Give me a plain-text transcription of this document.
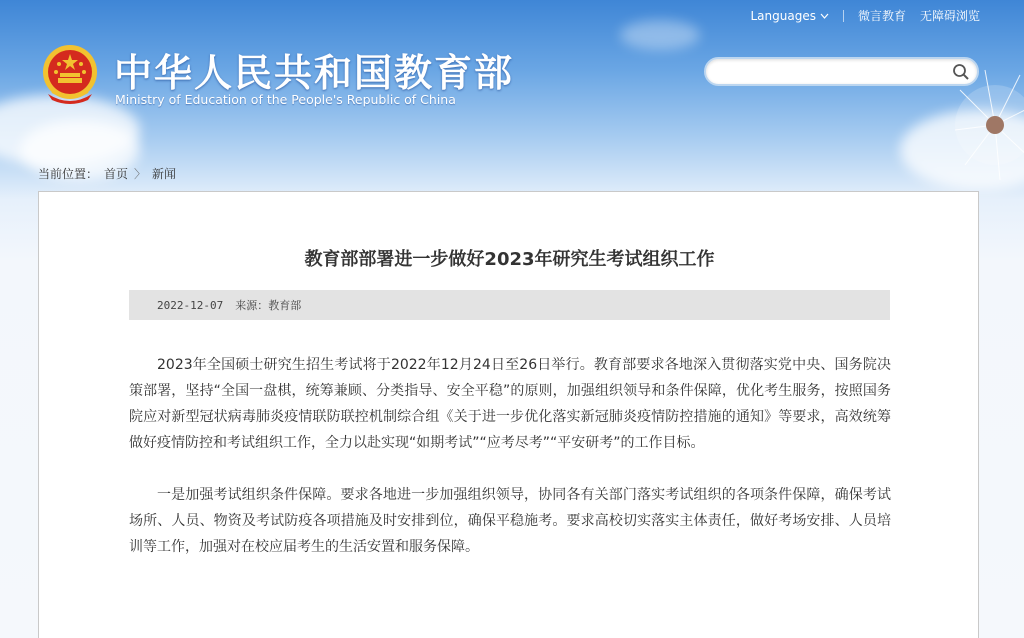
Languages	微言教育 无障碍浏览
中华人民共和国教育部
Ministry of Education of the People's Republic of China
当前位置： 首页 〉 新闻
教育部部署进一步做好2023年研究生考试组织工作
2022-12-07 来源：教育部

2023年全国硕士研究生招生考试将于2022年12月24日至26日举行。教育部要求各地深入贯彻落实党中央、国务院决策部署，坚持“全国一盘棋，统筹兼顾、分类指导、安全平稳”的原则，加强组织领导和条件保障，优化考生服务，按照国务院应对新型冠状病毒肺炎疫情联防联控机制综合组《关于进一步优化落实新冠肺炎疫情防控措施的通知》等要求，高效统筹做好疫情防控和考试组织工作，全力以赴实现“如期考试”“应考尽考”“平安研考”的工作目标。

一是加强考试组织条件保障。要求各地进一步加强组织领导，协同各有关部门落实考试组织的各项条件保障，确保考试场所、人员、物资及考试防疫各项措施及时安排到位，确保平稳施考。要求高校切实落实主体责任，做好考场安排、人员培训等工作，加强对在校应届考生的生活安置和服务保障。
